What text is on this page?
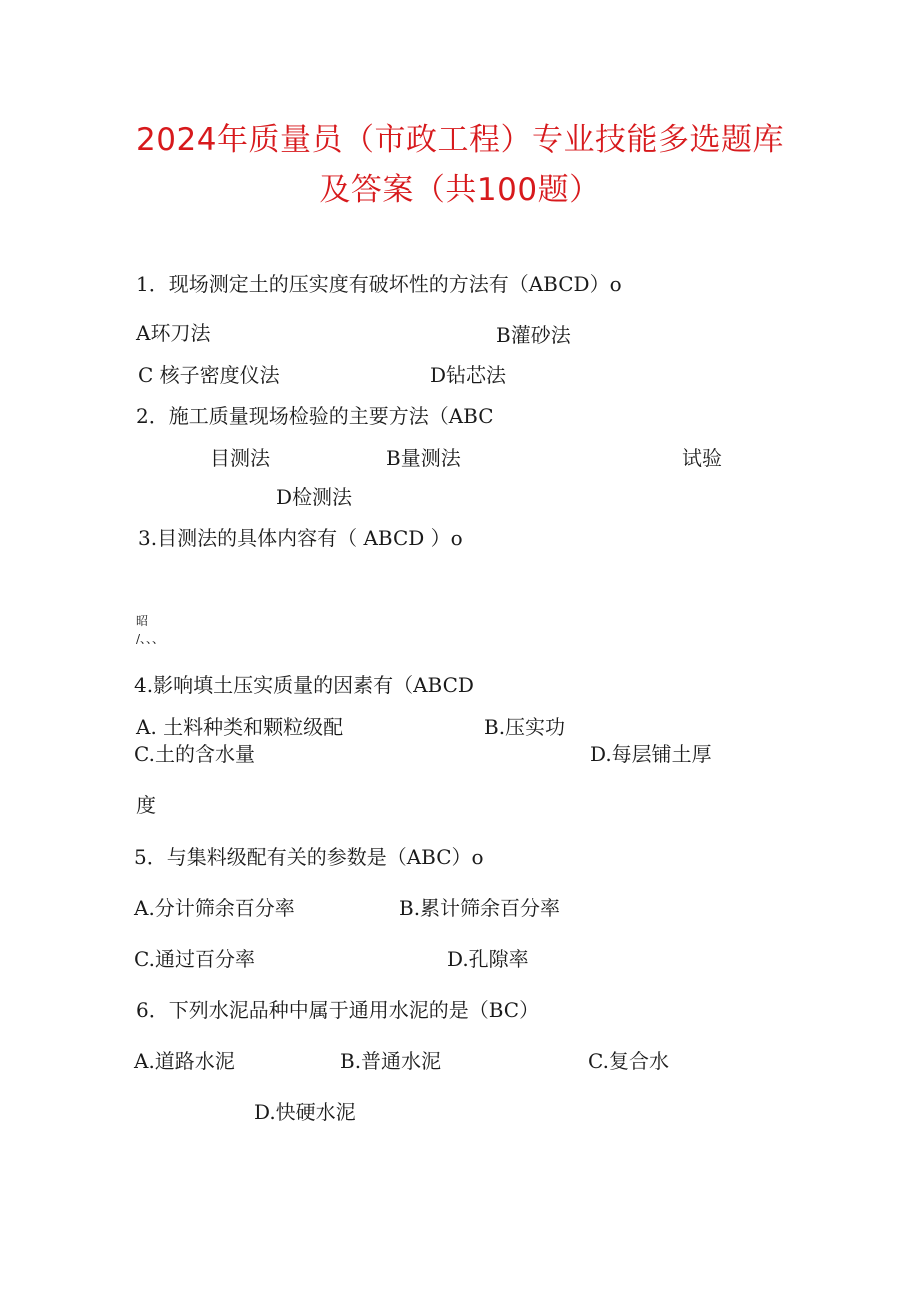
2024年质量员（市政工程）专业技能多选题库
及答案（共100题）
1．现场测定土的压实度有破坏性的方法有（ABCD）o
A环刀法	B灌砂法
C 核子密度仪法	D钻芯法
2．施工质量现场检验的主要方法（ABC
目测法	B量测法	试验
D检测法
3.目测法的具体内容有（ ABCD ）o
昭
/、、、
4.影响填土压实质量的因素有（ABCD
A. 土料种类和颗粒级配	B.压实功
C.土的含水量	D.每层铺土厚
度
5．与集料级配有关的参数是（ABC）o
A.分计筛余百分率	B.累计筛余百分率
C.通过百分率	D.孔隙率
6．下列水泥品种中属于通用水泥的是（BC）
A.道路水泥	B.普通水泥	C.复合水
D.快硬水泥
